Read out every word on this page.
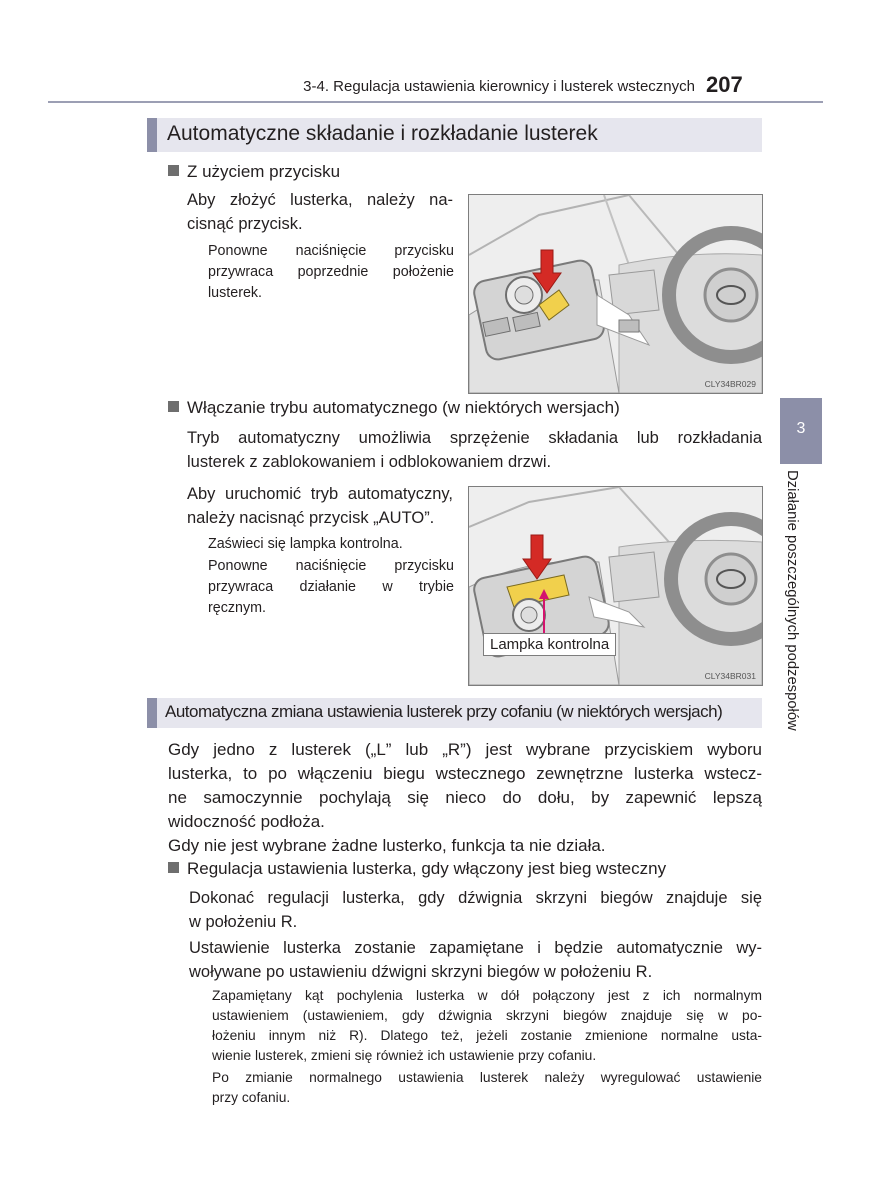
3-4. Regulacja ustawienia kierownicy i lusterek wstecznych 207
3
Działanie poszczególnych podzespołów
Automatyczne składanie i rozkładanie lusterek
Z użyciem przycisku
Aby złożyć lusterka, należy na-
cisnąć przycisk.
Ponowne naciśnięcie przycisku
przywraca poprzednie położenie
lusterek.
CLY34BR029
Włączanie trybu automatycznego (w niektórych wersjach)
Tryb automatyczny umożliwia sprzężenie składania lub rozkładania
lusterek z zablokowaniem i odblokowaniem drzwi.
Aby uruchomić tryb automatyczny,
należy nacisnąć przycisk „AUTO”.
Zaświeci się lampka kontrolna.
Ponowne naciśnięcie przycisku
przywraca działanie w trybie
ręcznym.
Lampka kontrolna
CLY34BR031
Automatyczna zmiana ustawienia lusterek przy cofaniu (w niektórych wersjach)
Gdy jedno z lusterek („L” lub „R”) jest wybrane przyciskiem wyboru
lusterka, to po włączeniu biegu wstecznego zewnętrzne lusterka wstecz-
ne samoczynnie pochylają się nieco do dołu, by zapewnić lepszą
widoczność podłoża.
Gdy nie jest wybrane żadne lusterko, funkcja ta nie działa.
Regulacja ustawienia lusterka, gdy włączony jest bieg wsteczny
Dokonać regulacji lusterka, gdy dźwignia skrzyni biegów znajduje się
w położeniu R.
Ustawienie lusterka zostanie zapamiętane i będzie automatycznie wy-
woływane po ustawieniu dźwigni skrzyni biegów w położeniu R.
Zapamiętany kąt pochylenia lusterka w dół połączony jest z ich normalnym
ustawieniem (ustawieniem, gdy dźwignia skrzyni biegów znajduje się w po-
łożeniu innym niż R). Dlatego też, jeżeli zostanie zmienione normalne usta-
wienie lusterek, zmieni się również ich ustawienie przy cofaniu.
Po zmianie normalnego ustawienia lusterek należy wyregulować ustawienie
przy cofaniu.
